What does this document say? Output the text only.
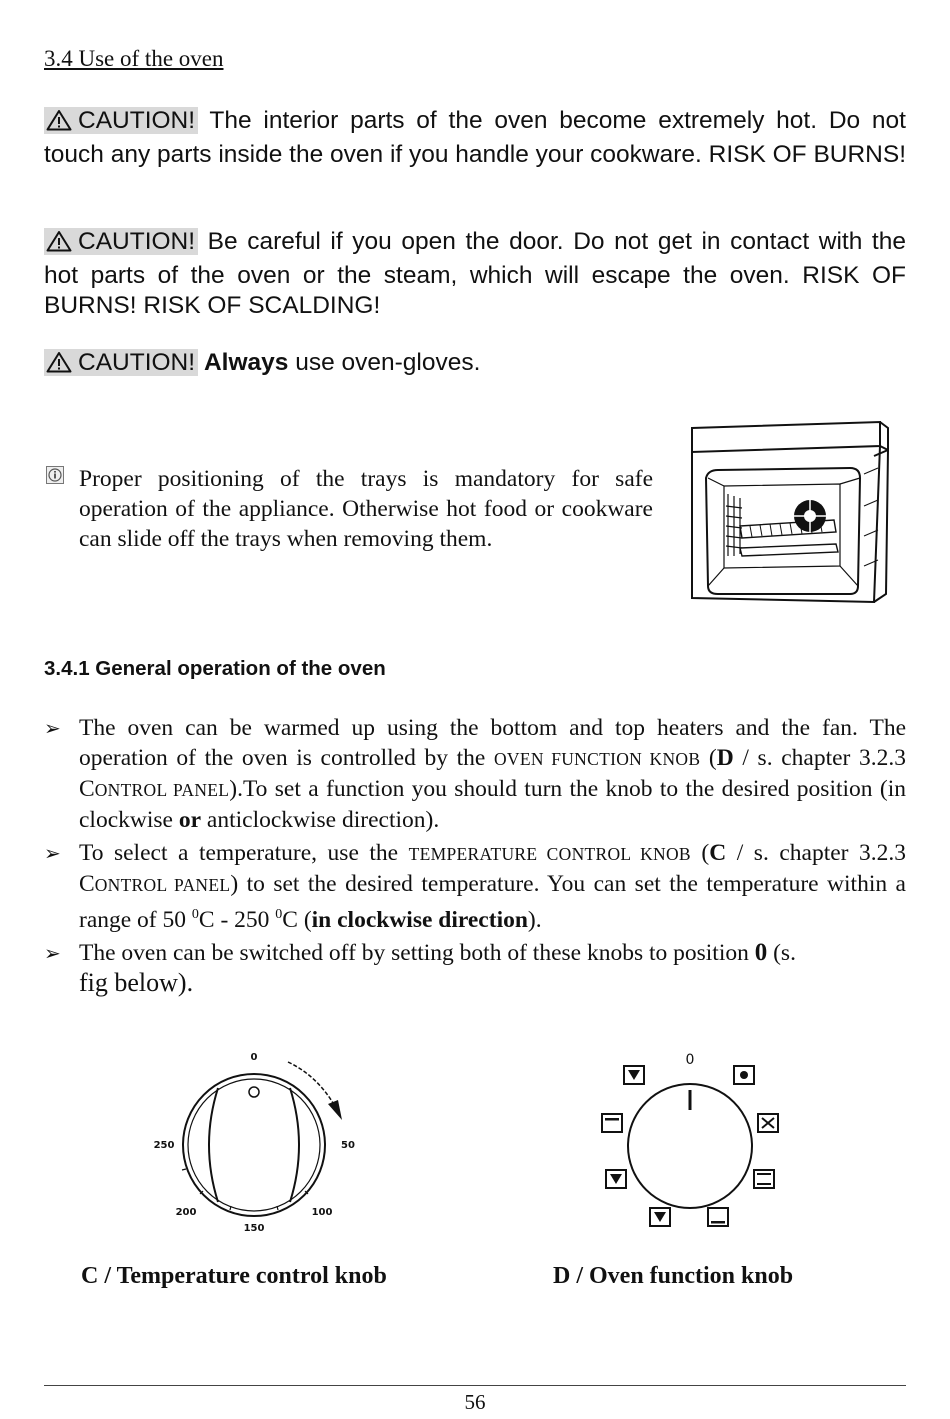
3.4 Use of the oven
CAUTION! The interior parts of the oven become extremely hot. Do not touch any parts inside the oven if you handle your cookware. RISK OF BURNS!
CAUTION! Be careful if you open the door. Do not get in contact with the hot parts of the oven or the steam, which will escape the oven. RISK OF BURNS! RISK OF SCALDING!
CAUTION! Always use oven-gloves.
Proper positioning of the trays is mandatory for safe operation of the appliance. Otherwise hot food or cookware can slide off the trays when removing them.
3.4.1 General operation of the oven
➢ The oven can be warmed up using the bottom and top heaters and the fan. The operation of the oven is controlled by the OVEN FUNCTION KNOB (D / s. chapter 3.2.3 CONTROL PANEL).To set a function you should turn the knob to the desired position (in clockwise or anticlockwise direction).
➢ To select a temperature, use the TEMPERATURE CONTROL KNOB (C / s. chapter 3.2.3 CONTROL PANEL) to set the desired temperature. You can set the temperature within a range of 50 $^0$C - 250 $^0$C (in clockwise direction).
➢ The oven can be switched off by setting both of these knobs to position 0 (s.
fig below).
0
50
100
150
200
250
0
C / Temperature control knob	D / Oven function knob
56
